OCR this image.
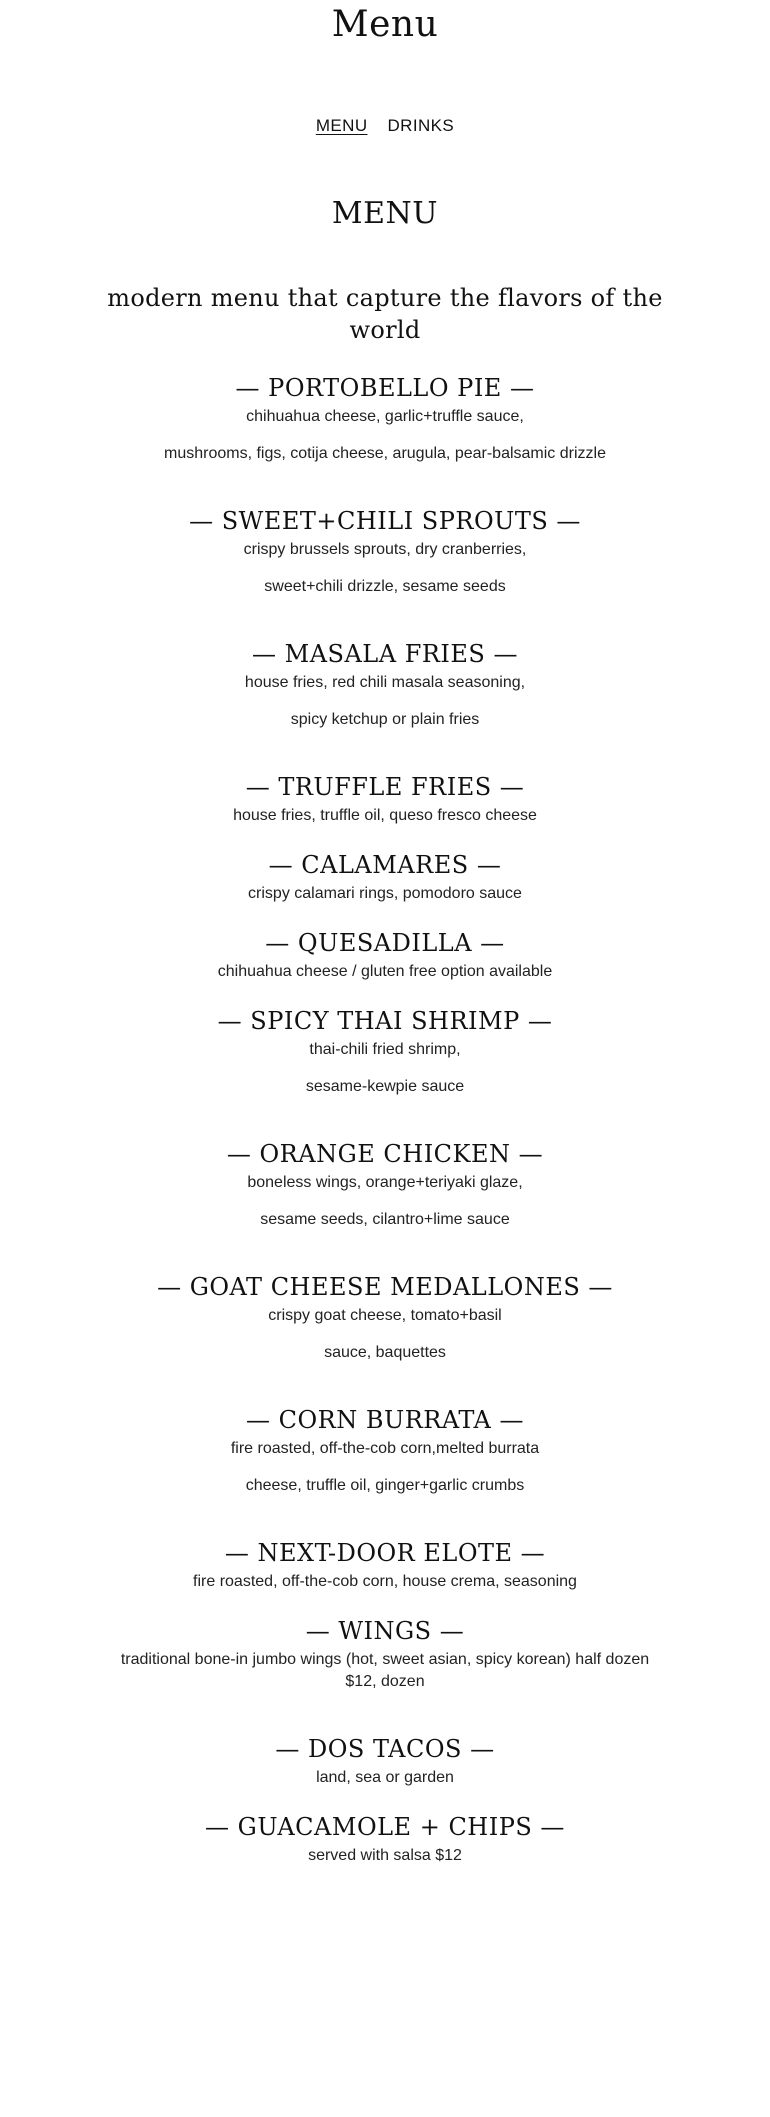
Menu
MENU DRINKS
MENU

modern menu that capture the flavors of the world

— PORTOBELLO PIE —

chihuahua cheese, garlic+truffle sauce,

mushrooms, figs, cotija cheese, arugula, pear-balsamic drizzle

— SWEET+CHILI SPROUTS —

crispy brussels sprouts, dry cranberries,

sweet+chili drizzle, sesame seeds

— MASALA FRIES —

house fries, red chili masala seasoning,

spicy ketchup or plain fries

— TRUFFLE FRIES —

house fries, truffle oil, queso fresco cheese

— CALAMARES —

crispy calamari rings, pomodoro sauce

— QUESADILLA —

chihuahua cheese / gluten free option available

— SPICY THAI SHRIMP —

thai-chili fried shrimp,

sesame-kewpie sauce

— ORANGE CHICKEN —

boneless wings, orange+teriyaki glaze,

sesame seeds, cilantro+lime sauce

— GOAT CHEESE MEDALLONES —

crispy goat cheese, tomato+basil

sauce, baquettes

— CORN BURRATA —

fire roasted, off-the-cob corn,melted burrata

cheese, truffle oil, ginger+garlic crumbs

— NEXT-DOOR ELOTE —

fire roasted, off-the-cob corn, house crema, seasoning

— WINGS —

traditional bone-in jumbo wings (hot, sweet asian, spicy korean) half dozen $12, dozen

— DOS TACOS —

land, sea or garden

— GUACAMOLE + CHIPS —

served with salsa $12
